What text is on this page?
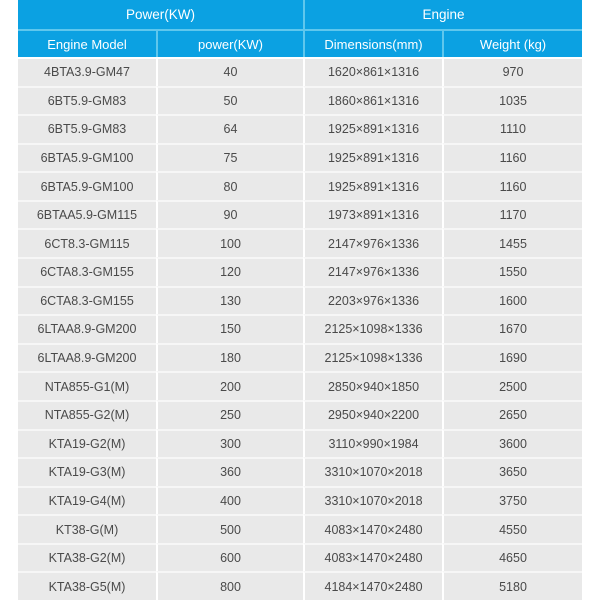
Power(KW)		Engine	
Engine Model	power(KW)	Dimensions(mm)	Weight (kg)
4BTA3.9-GM47	40	1620×861×1316	970
6BT5.9-GM83	50	1860×861×1316	1035
6BT5.9-GM83	64	1925×891×1316	1110
6BTA5.9-GM100	75	1925×891×1316	1160
6BTA5.9-GM100	80	1925×891×1316	1160
6BTAA5.9-GM115	90	1973×891×1316	1170
6CT8.3-GM115	100	2147×976×1336	1455
6CTA8.3-GM155	120	2147×976×1336	1550
6CTA8.3-GM155	130	2203×976×1336	1600
6LTAA8.9-GM200	150	2125×1098×1336	1670
6LTAA8.9-GM200	180	2125×1098×1336	1690
NTA855-G1(M)	200	2850×940×1850	2500
NTA855-G2(M)	250	2950×940×2200	2650
KTA19-G2(M)	300	3110×990×1984	3600
KTA19-G3(M)	360	3310×1070×2018	3650
KTA19-G4(M)	400	3310×1070×2018	3750
KT38-G(M)	500	4083×1470×2480	4550
KTA38-G2(M)	600	4083×1470×2480	4650
KTA38-G5(M)	800	4184×1470×2480	5180
